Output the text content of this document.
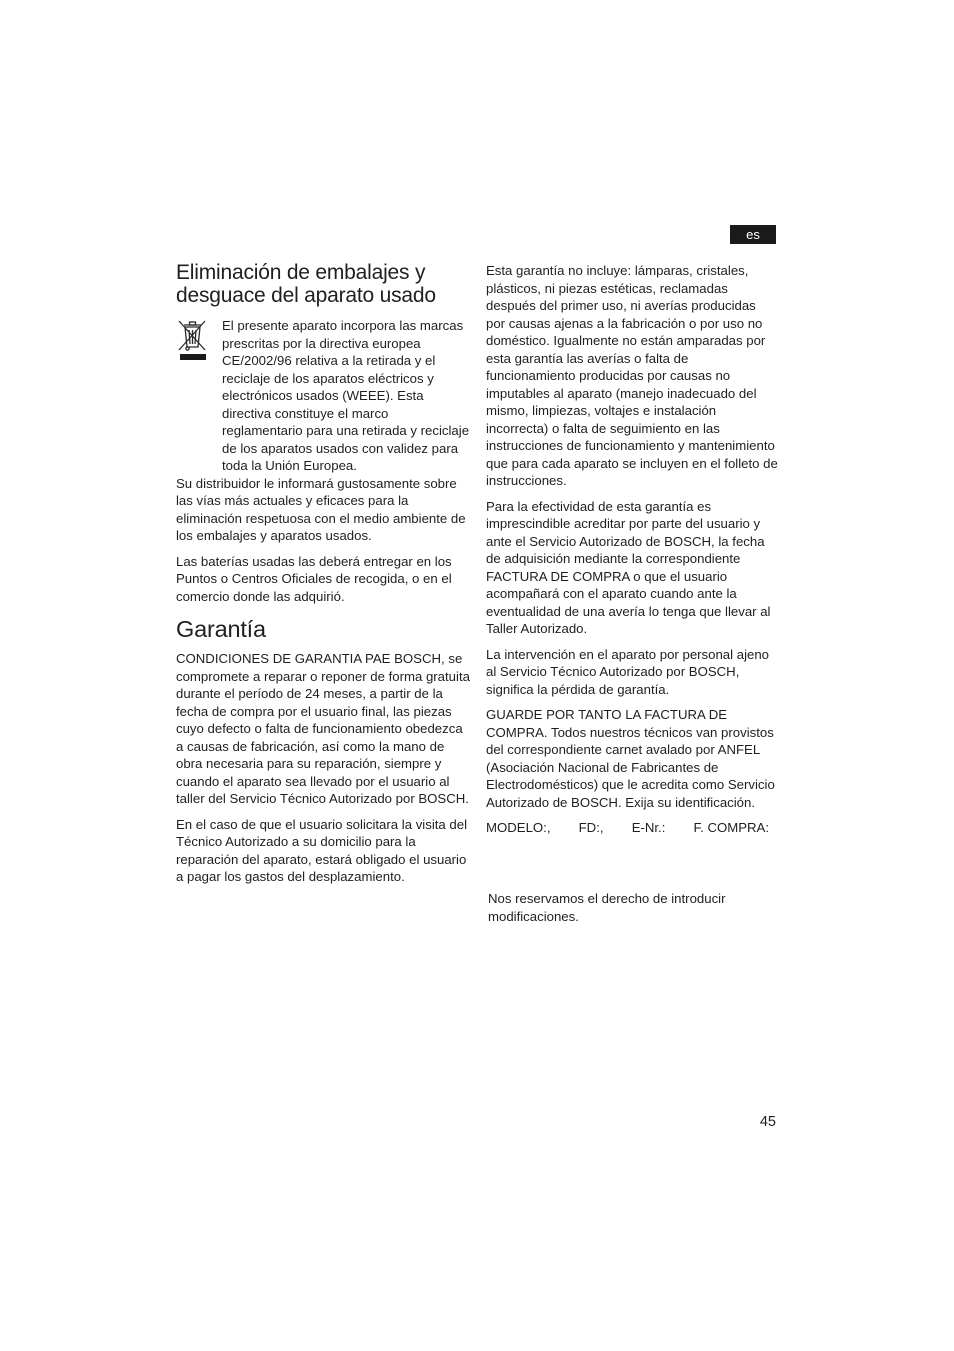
es
Eliminación de embalajes y desguace del aparato usado

El presente aparato incorpora las marcas prescritas por la directiva europea CE/2002/96 relativa a la retirada y el reciclaje de los aparatos eléctricos y electrónicos usados (WEEE). Esta directiva constituye el marco reglamentario para una retirada y reciclaje de los aparatos usados con validez para toda la Unión Europea.

Su distribuidor le informará gustosamente sobre las vías más actuales y eficaces para la eliminación respetuosa con el medio ambiente de los embalajes y aparatos usados.

Las baterías usadas las deberá entregar en los Puntos o Centros Oficiales de recogida, o en el comercio donde las adquirió.

Garantía

CONDICIONES DE GARANTIA PAE BOSCH, se compromete a reparar o reponer de forma gratuita durante el período de 24 meses, a partir de la fecha de compra por el usuario final, las piezas cuyo defecto o falta de funcionamiento obedezca a causas de fabricación, así como la mano de obra necesaria para su reparación, siempre y cuando el aparato sea llevado por el usuario al taller del Servicio Técnico Autorizado por BOSCH.

En el caso de que el usuario solicitara la visita del Técnico Autorizado a su domicilio para la reparación del aparato, estará obligado el usuario a pagar los gastos del desplazamiento.

Esta garantía no incluye: lámparas, cristales, plásticos, ni piezas estéticas, reclamadas después del primer uso, ni averías producidas por causas ajenas a la fabricación o por uso no doméstico. Igualmente no están amparadas por esta garantía las averías o falta de funcionamiento producidas por causas no imputables al aparato (manejo inadecuado del mismo, limpiezas, voltajes e instalación incorrecta) o falta de seguimiento en las instrucciones de funcionamiento y mantenimiento que para cada aparato se incluyen en el folleto de instrucciones.

Para la efectividad de esta garantía es imprescindible acreditar por parte del usuario y ante el Servicio Autorizado de BOSCH, la fecha de adquisición mediante la correspondiente FACTURA DE COMPRA o que el usuario acompañará con el aparato cuando ante la eventualidad de una avería lo tenga que llevar al Taller Autorizado.

La intervención en el aparato por personal ajeno al Servicio Técnico Autorizado por BOSCH, significa la pérdida de garantía.

GUARDE POR TANTO LA FACTURA DE COMPRA. Todos nuestros técnicos van provistos del correspondiente carnet avalado por ANFEL (Asociación Nacional de Fabricantes de Electrodomésticos) que le acredita como Servicio Autorizado de BOSCH. Exija su identificación.

MODELO:, FD:, E-Nr.: F. COMPRA:
Nos reservamos el derecho de introducir modificaciones.
45
